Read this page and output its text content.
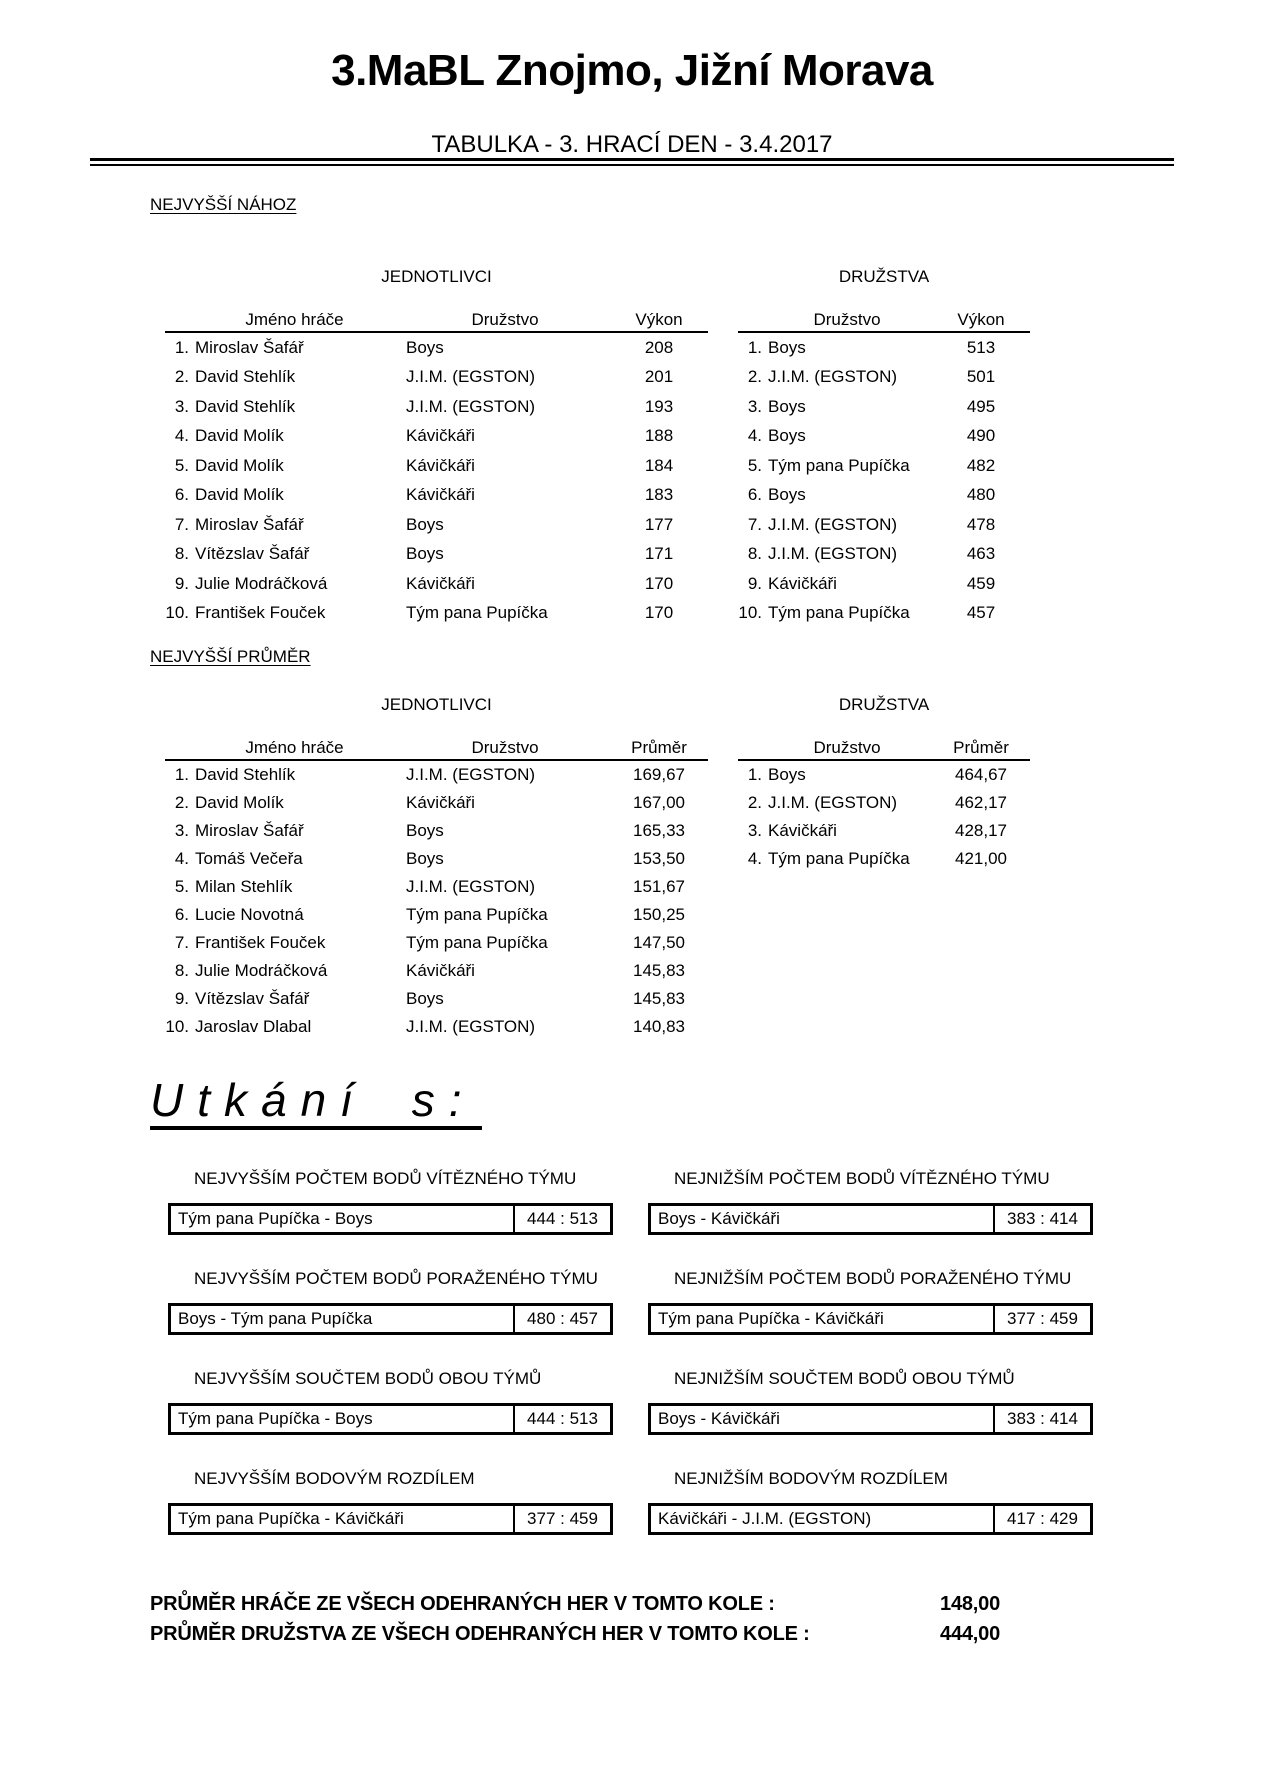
3.MaBL Znojmo, Jižní Morava
TABULKA - 3. HRACÍ DEN - 3.4.2017
NEJVYŠŠÍ NÁHOZ
JEDNOTLIVCI
Jméno hráče	Družstvo	Výkon
1. Miroslav Šafář	Boys	208
2. David Stehlík	J.I.M. (EGSTON)	201
3. David Stehlík	J.I.M. (EGSTON)	193
4. David Molík	Kávičkáři	188
5. David Molík	Kávičkáři	184
6. David Molík	Kávičkáři	183
7. Miroslav Šafář	Boys	177
8. Vítězslav Šafář	Boys	171
9. Julie Modráčková	Kávičkáři	170
10. František Fouček	Tým pana Pupíčka	170
DRUŽSTVA
Družstvo	Výkon
1. Boys	513
2. J.I.M. (EGSTON)	501
3. Boys	495
4. Boys	490
5. Tým pana Pupíčka	482
6. Boys	480
7. J.I.M. (EGSTON)	478
8. J.I.M. (EGSTON)	463
9. Kávičkáři	459
10. Tým pana Pupíčka	457
NEJVYŠŠÍ PRŮMĚR
JEDNOTLIVCI
Jméno hráče	Družstvo	Průměr
1. David Stehlík	J.I.M. (EGSTON)	169,67
2. David Molík	Kávičkáři	167,00
3. Miroslav Šafář	Boys	165,33
4. Tomáš Večeřa	Boys	153,50
5. Milan Stehlík	J.I.M. (EGSTON)	151,67
6. Lucie Novotná	Tým pana Pupíčka	150,25
7. František Fouček	Tým pana Pupíčka	147,50
8. Julie Modráčková	Kávičkáři	145,83
9. Vítězslav Šafář	Boys	145,83
10. Jaroslav Dlabal	J.I.M. (EGSTON)	140,83
DRUŽSTVA
Družstvo	Průměr
1. Boys	464,67
2. J.I.M. (EGSTON)	462,17
3. Kávičkáři	428,17
4. Tým pana Pupíčka	421,00
Utkání s:
NEJVYŠŠÍM POČTEM BODŮ VÍTĚZNÉHO TÝMU
Tým pana Pupíčka - Boys	444 : 513
NEJNIŽŠÍM POČTEM BODŮ VÍTĚZNÉHO TÝMU
Boys - Kávičkáři	383 : 414
NEJVYŠŠÍM POČTEM BODŮ PORAŽENÉHO TÝMU
Boys - Tým pana Pupíčka	480 : 457
NEJNIŽŠÍM POČTEM BODŮ PORAŽENÉHO TÝMU
Tým pana Pupíčka - Kávičkáři	377 : 459
NEJVYŠŠÍM SOUČTEM BODŮ OBOU TÝMŮ
Tým pana Pupíčka - Boys	444 : 513
NEJNIŽŠÍM SOUČTEM BODŮ OBOU TÝMŮ
Boys - Kávičkáři	383 : 414
NEJVYŠŠÍM BODOVÝM ROZDÍLEM
Tým pana Pupíčka - Kávičkáři	377 : 459
NEJNIŽŠÍM BODOVÝM ROZDÍLEM
Kávičkáři - J.I.M. (EGSTON)	417 : 429
PRŮMĚR HRÁČE ZE VŠECH ODEHRANÝCH HER V TOMTO KOLE :	148,00
PRŮMĚR DRUŽSTVA ZE VŠECH ODEHRANÝCH HER V TOMTO KOLE :	444,00
